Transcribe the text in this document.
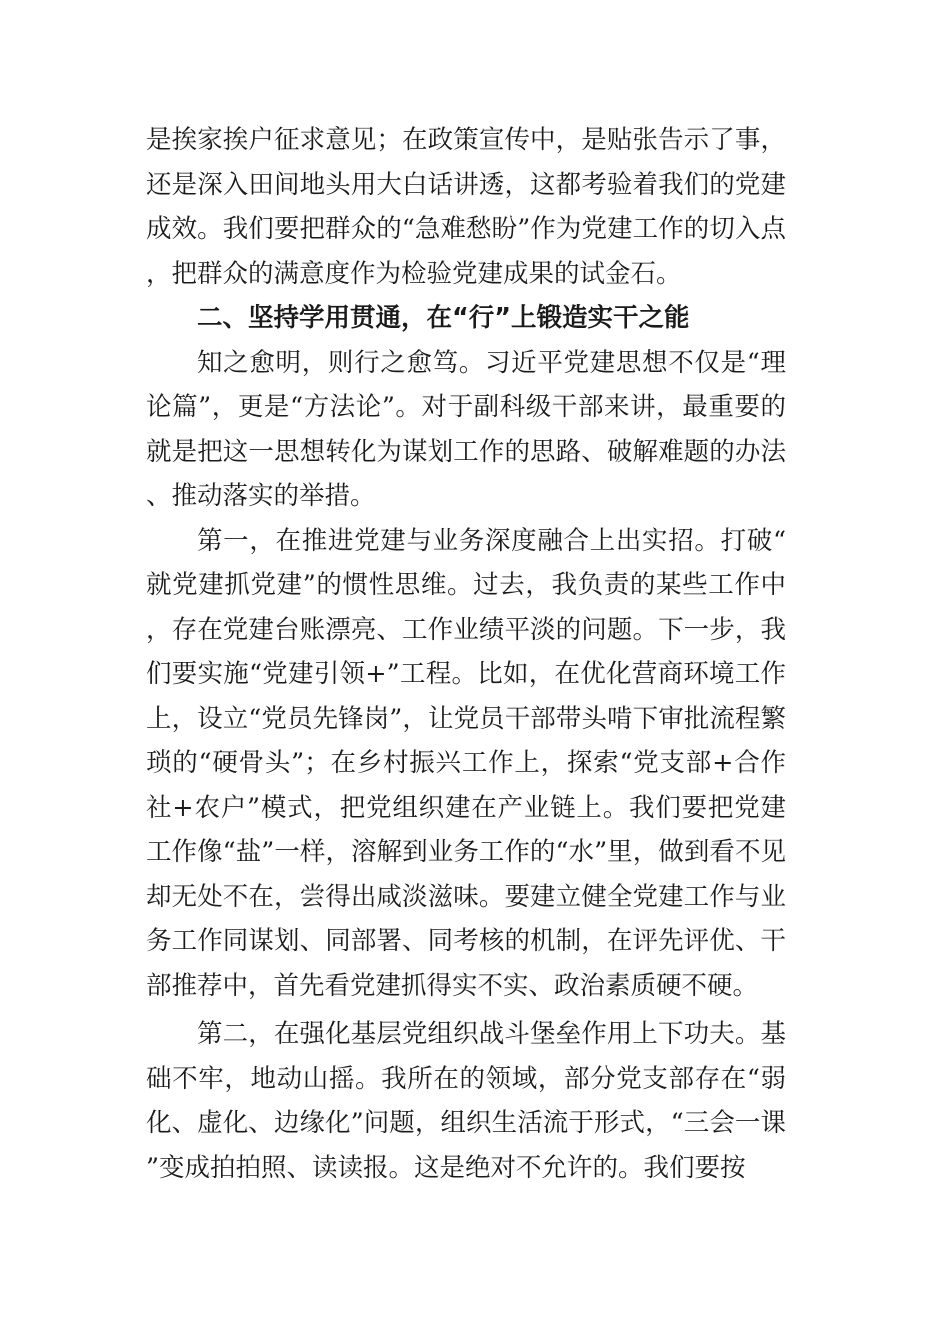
是挨家挨户征求意见；在政策宣传中，是贴张告示了事，还是深入田间地头用大白话讲透，这都考验着我们的党建成效。我们要把群众的“急难愁盼”作为党建工作的切入点，把群众的满意度作为检验党建成果的试金石。

二、坚持学用贯通，在“行”上锻造实干之能

知之愈明，则行之愈笃。习近平党建思想不仅是“理论篇”，更是“方法论”。对于副科级干部来讲，最重要的就是把这一思想转化为谋划工作的思路、破解难题的办法、推动落实的举措。

第一，在推进党建与业务深度融合上出实招。打破“就党建抓党建”的惯性思维。过去，我负责的某些工作中，存在党建台账漂亮、工作业绩平淡的问题。下一步，我们要实施“党建引领+”工程。比如，在优化营商环境工作上，设立“党员先锋岗”，让党员干部带头啃下审批流程繁琐的“硬骨头”；在乡村振兴工作上，探索“党支部+合作社+农户”模式，把党组织建在产业链上。我们要把党建工作像“盐”一样，溶解到业务工作的“水”里，做到看不见却无处不在，尝得出咸淡滋味。要建立健全党建工作与业务工作同谋划、同部署、同考核的机制，在评先评优、干部推荐中，首先看党建抓得实不实、政治素质硬不硬。

第二，在强化基层党组织战斗堡垒作用上下功夫。基础不牢，地动山摇。我所在的领域，部分党支部存在“弱化、虚化、边缘化”问题，组织生活流于形式，“三会一课”变成拍拍照、读读报。这是绝对不允许的。我们要按
